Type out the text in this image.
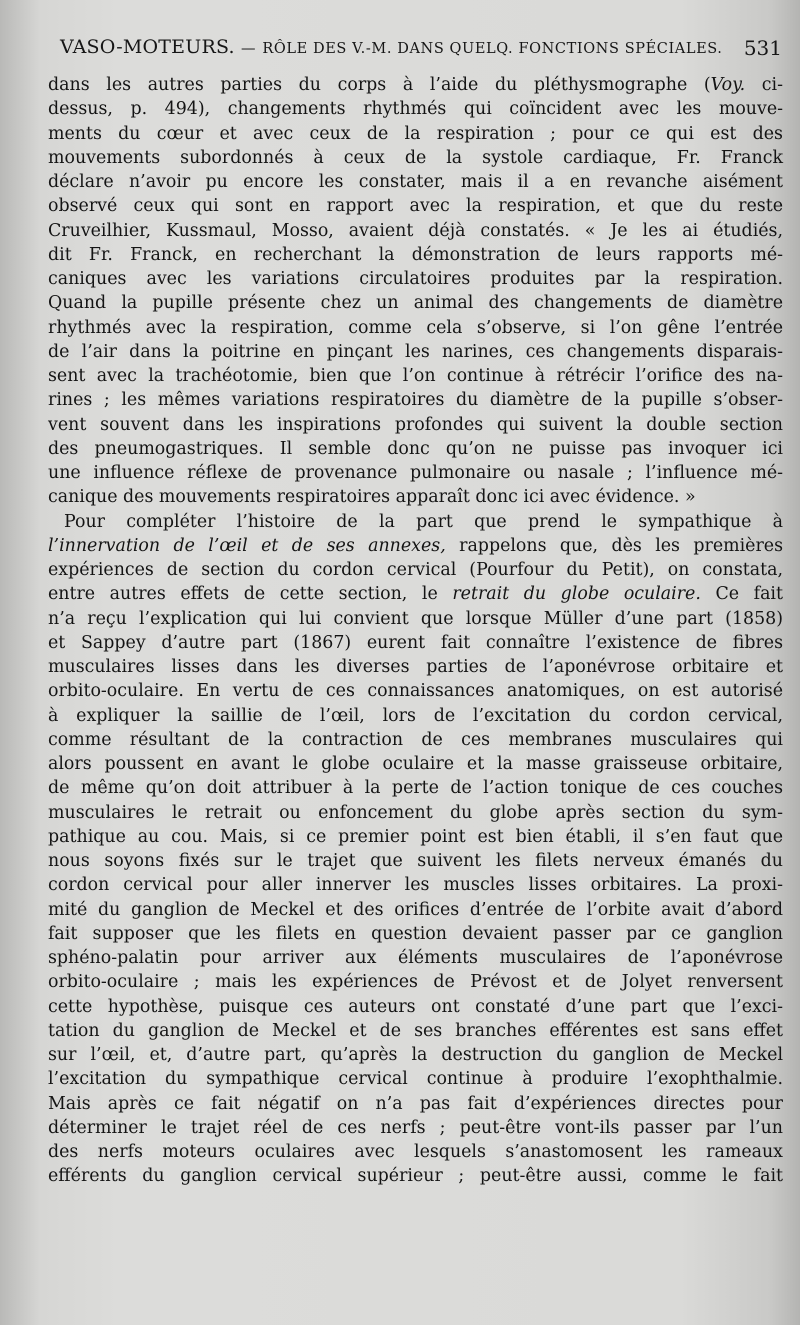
VASO-MOTEURS. — RÔLE DES V.-M. DANS QUELQ. FONCTIONS SPÉCIALES. 531
dans les autres parties du corps à l’aide du pléthysmographe (Voy. ci-
dessus, p. 494), changements rhythmés qui coïncident avec les mouve-
ments du cœur et avec ceux de la respiration ; pour ce qui est des
mouvements subordonnés à ceux de la systole cardiaque, Fr. Franck
déclare n’avoir pu encore les constater, mais il a en revanche aisément
observé ceux qui sont en rapport avec la respiration, et que du reste
Cruveilhier, Kussmaul, Mosso, avaient déjà constatés. « Je les ai étudiés,
dit Fr. Franck, en recherchant la démonstration de leurs rapports mé-
caniques avec les variations circulatoires produites par la respiration.
Quand la pupille présente chez un animal des changements de diamètre
rhythmés avec la respiration, comme cela s’observe, si l’on gêne l’entrée
de l’air dans la poitrine en pinçant les narines, ces changements disparais-
sent avec la trachéotomie, bien que l’on continue à rétrécir l’orifice des na-
rines ; les mêmes variations respiratoires du diamètre de la pupille s’obser-
vent souvent dans les inspirations profondes qui suivent la double section
des pneumogastriques. Il semble donc qu’on ne puisse pas invoquer ici
une influence réflexe de provenance pulmonaire ou nasale ; l’influence mé-
canique des mouvements respiratoires apparaît donc ici avec évidence. »
Pour compléter l’histoire de la part que prend le sympathique à
l’innervation de l’œil et de ses annexes, rappelons que, dès les premières
expériences de section du cordon cervical (Pourfour du Petit), on constata,
entre autres effets de cette section, le retrait du globe oculaire. Ce fait
n’a reçu l’explication qui lui convient que lorsque Müller d’une part (1858)
et Sappey d’autre part (1867) eurent fait connaître l’existence de fibres
musculaires lisses dans les diverses parties de l’aponévrose orbitaire et
orbito-oculaire. En vertu de ces connaissances anatomiques, on est autorisé
à expliquer la saillie de l’œil, lors de l’excitation du cordon cervical,
comme résultant de la contraction de ces membranes musculaires qui
alors poussent en avant le globe oculaire et la masse graisseuse orbitaire,
de même qu’on doit attribuer à la perte de l’action tonique de ces couches
musculaires le retrait ou enfoncement du globe après section du sym-
pathique au cou. Mais, si ce premier point est bien établi, il s’en faut que
nous soyons fixés sur le trajet que suivent les filets nerveux émanés du
cordon cervical pour aller innerver les muscles lisses orbitaires. La proxi-
mité du ganglion de Meckel et des orifices d’entrée de l’orbite avait d’abord
fait supposer que les filets en question devaient passer par ce ganglion
sphéno-palatin pour arriver aux éléments musculaires de l’aponévrose
orbito-oculaire ; mais les expériences de Prévost et de Jolyet renversent
cette hypothèse, puisque ces auteurs ont constaté d’une part que l’exci-
tation du ganglion de Meckel et de ses branches efférentes est sans effet
sur l’œil, et, d’autre part, qu’après la destruction du ganglion de Meckel
l’excitation du sympathique cervical continue à produire l’exophthalmie.
Mais après ce fait négatif on n’a pas fait d’expériences directes pour
déterminer le trajet réel de ces nerfs ; peut-être vont-ils passer par l’un
des nerfs moteurs oculaires avec lesquels s’anastomosent les rameaux
efférents du ganglion cervical supérieur ; peut-être aussi, comme le fait
